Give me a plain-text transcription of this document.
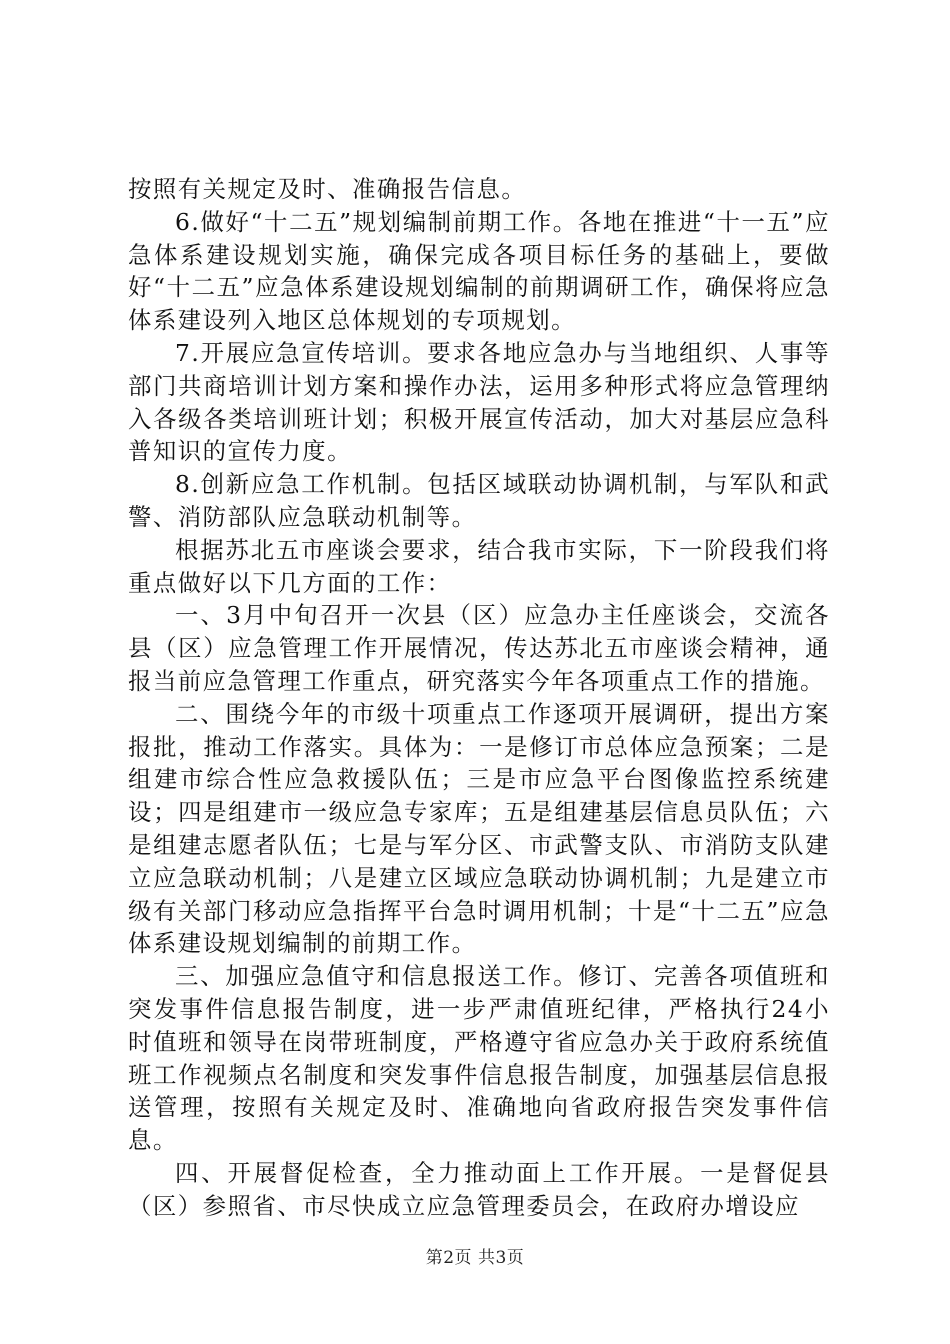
按照有关规定及时、准确报告信息。

6.做好“十二五”规划编制前期工作。各地在推进“十一五”应急体系建设规划实施，确保完成各项目标任务的基础上，要做好“十二五”应急体系建设规划编制的前期调研工作，确保将应急体系建设列入地区总体规划的专项规划。

7.开展应急宣传培训。要求各地应急办与当地组织、人事等部门共商培训计划方案和操作办法，运用多种形式将应急管理纳入各级各类培训班计划；积极开展宣传活动，加大对基层应急科普知识的宣传力度。

8.创新应急工作机制。包括区域联动协调机制，与军队和武警、消防部队应急联动机制等。

根据苏北五市座谈会要求，结合我市实际，下一阶段我们将重点做好以下几方面的工作：

一、3月中旬召开一次县（区）应急办主任座谈会，交流各县（区）应急管理工作开展情况，传达苏北五市座谈会精神，通报当前应急管理工作重点，研究落实今年各项重点工作的措施。

二、围绕今年的市级十项重点工作逐项开展调研，提出方案报批，推动工作落实。具体为：一是修订市总体应急预案；二是组建市综合性应急救援队伍；三是市应急平台图像监控系统建设；四是组建市一级应急专家库；五是组建基层信息员队伍；六是组建志愿者队伍；七是与军分区、市武警支队、市消防支队建立应急联动机制；八是建立区域应急联动协调机制；九是建立市级有关部门移动应急指挥平台急时调用机制；十是“十二五”应急体系建设规划编制的前期工作。

三、加强应急值守和信息报送工作。修订、完善各项值班和突发事件信息报告制度，进一步严肃值班纪律，严格执行24小时值班和领导在岗带班制度，严格遵守省应急办关于政府系统值班工作视频点名制度和突发事件信息报告制度，加强基层信息报送管理，按照有关规定及时、准确地向省政府报告突发事件信息。

四、开展督促检查，全力推动面上工作开展。一是督促县（区）参照省、市尽快成立应急管理委员会，在政府办增设应

第2页 共3页
